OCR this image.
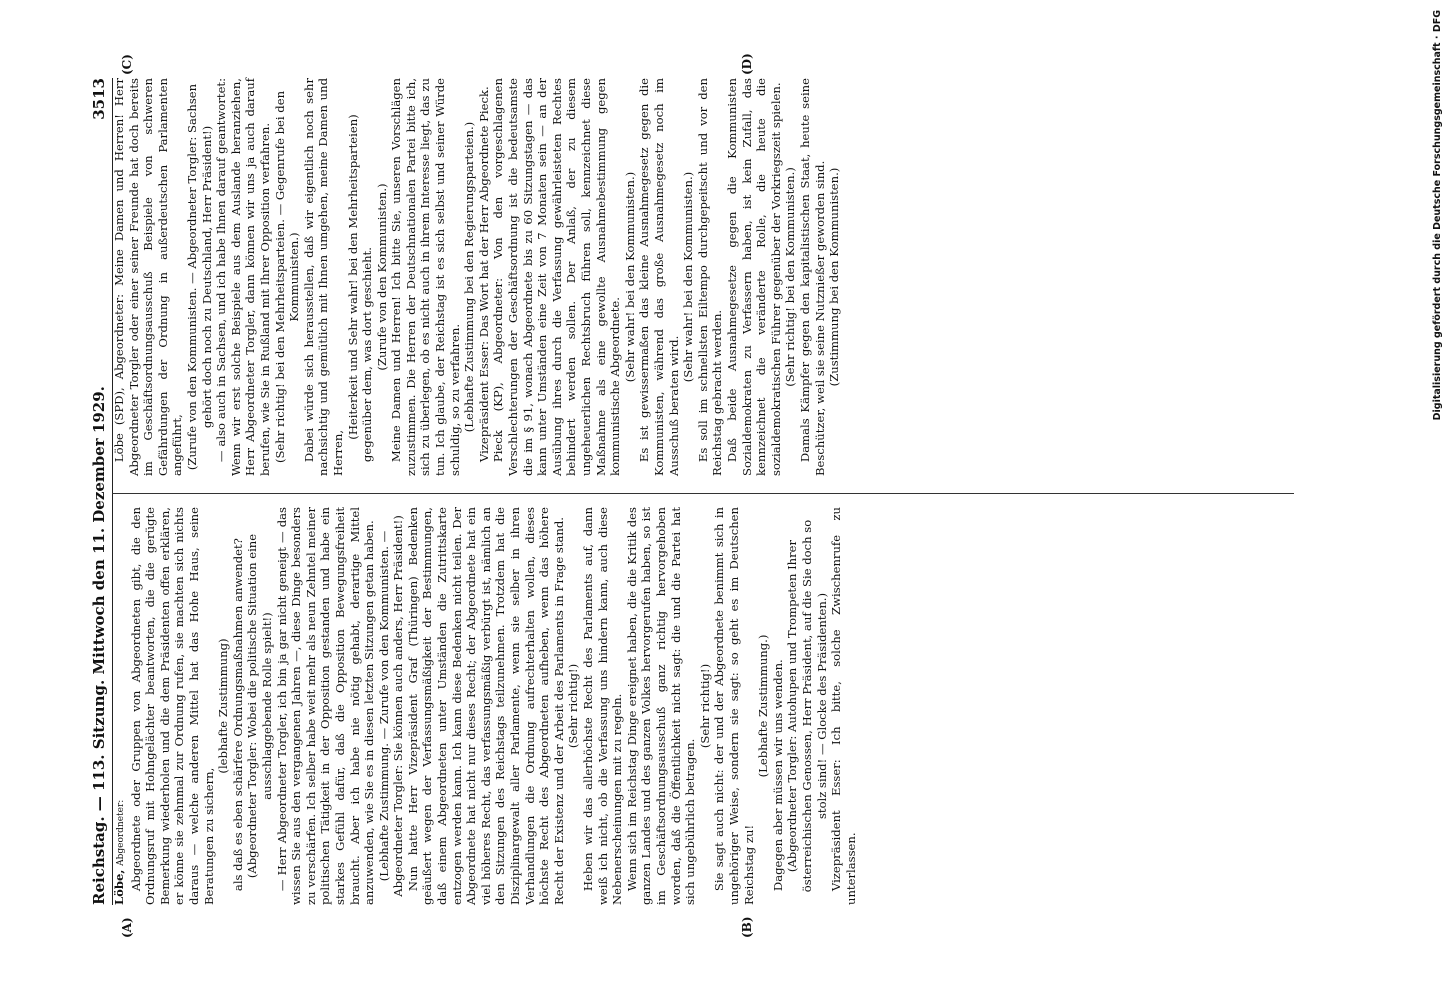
Reichstag. — 113. Sitzung. Mittwoch den 11. Dezember 1929.
3513

Löbe, Abgeordneter: Abgeordnete oder Gruppen von Abgeordneten gibt, die den Ordnungsruf mit Hohngelächter beantworten, die die gerügte Bemerkung wiederholen und die dem Präsidenten offen erklären, er könne sie zehnmal zur Ordnung rufen, sie machten sich nichts daraus — welche anderen Mittel hat das Hohe Haus, seine Beratungen zu sichern,

(lebhafte Zustimmung) als daß es eben schärfere Ordnungsmaßnahmen anwendet? (Abgeordneter Torgler: Wobei die politische Situation eine ausschlaggebende Rolle spielt!) — Herr Abgeordneter Torgler, ich bin ja gar nicht geneigt — das wissen Sie aus den vergangenen Jahren —, diese Dinge besonders zu verschärfen. Ich selber habe weit mehr als neun Zehntel meiner politischen Tätigkeit in der Opposition gestanden und habe ein starkes Gefühl dafür, daß die Opposition Bewegungsfreiheit braucht. Aber ich habe nie nötig gehabt, derartige Mittel anzuwenden, wie Sie es in diesen letzten Sitzungen getan haben. (Lebhafte Zustimmung. — Zurufe von den Kommunisten. — Abgeordneter Torgler: Sie können auch anders, Herr Präsident!) Nun hatte Herr Vizepräsident Graf (Thüringen) Bedenken geäußert wegen der Verfassungsmäßigkeit der Bestimmungen, daß einem Abgeordneten unter Umständen die Zutrittskarte entzogen werden kann. Ich kann diese Bedenken nicht teilen. Der Abgeordnete hat nicht nur dieses Recht; der Abgeordnete hat ein viel höheres Recht, das verfassungsmäßig verbürgt ist, nämlich an den Sitzungen des Reichstags teilzunehmen. Trotzdem hat die Disziplinargewalt aller Parlamente, wenn sie selber in ihren Verhandlungen die Ordnung aufrechterhalten wollen, dieses höchste Recht des Abgeordneten aufheben, wenn das höhere Recht der Existenz und der Arbeit des Parlaments in Frage stand. (Sehr richtig!) Heben wir das allerhöchste Recht des Parlaments auf, dann weiß ich nicht, ob die Verfassung uns hindern kann, auch diese Nebenerscheinungen mit zu regeln. Wenn sich im Reichstag Dinge ereignet haben, die die Kritik des ganzen Landes und des ganzen Volkes hervorgerufen haben, so ist im Geschäftsordnungsausschuß ganz richtig hervorgehoben worden, daß die Öffentlichkeit nicht sagt: die und die Partei hat sich ungebührlich betragen.

(Sehr richtig!) Sie sagt auch nicht: der und der Abgeordnete benimmt sich in ungehöriger Weise, sondern sie sagt: so geht es im Deutschen Reichstag zu!

(Lebhafte Zustimmung.) Dagegen aber müssen wir uns wenden. (Abgeordneter Torgler: Autohupen und Trompeten Ihrer österreichischen Genossen, Herr Präsident, auf die Sie doch so stolz sind! — Glocke des Präsidenten.) Vizepräsident Esser: Ich bitte, solche Zwischenrufe zu unterlassen.

Löbe (SPD), Abgeordneter: Meine Damen und Herren! Herr Abgeordneter Torgler oder einer seiner Freunde hat doch bereits im Geschäftsordnungsausschuß Beispiele von schweren Gefährdungen der Ordnung in außerdeutschen Parlamenten angeführt, (Zurufe von den Kommunisten. — Abgeordneter Torgler: Sachsen gehört doch noch zu Deutschland, Herr Präsident!) — also auch in Sachsen, und ich habe Ihnen darauf geantwortet: Wenn wir erst solche Beispiele aus dem Auslande heranziehen, Herr Abgeordneter Torgler, dann können wir uns ja auch darauf berufen, wie Sie in Rußland mit Ihrer Opposition verfahren. (Sehr richtig! bei den Mehrheitsparteien. — Gegenrufe bei den Kommunisten.) Dabei würde sich herausstellen, daß wir eigentlich noch sehr nachsichtig und gemütlich mit Ihnen umgehen, meine Damen und Herren,

(Heiterkeit und Sehr wahr! bei den Mehrheitsparteien) gegenüber dem, was dort geschieht. (Zurufe von den Kommunisten.) Meine Damen und Herren! Ich bitte Sie, unseren Vorschlägen zuzustimmen. Die Herren der Deutschnationalen Partei bitte ich, sich zu überlegen, ob es nicht auch in ihrem Interesse liegt, das zu tun. Ich glaube, der Reichstag ist es sich selbst und seiner Würde schuldig, so zu verfahren. (Lebhafte Zustimmung bei den Regierungsparteien.) Vizepräsident Esser: Das Wort hat der Herr Abgeordnete Pieck. Pieck (KP), Abgeordneter: Von den vorgeschlagenen Verschlechterungen der Geschäftsordnung ist die bedeutsamste die im § 91, wonach Abgeordnete bis zu 60 Sitzungstagen — das kann unter Umständen eine Zeit von 7 Monaten sein — an der Ausübung ihres durch die Verfassung gewährleisteten Rechtes behindert werden sollen. Der Anlaß, der zu diesem ungeheuerlichen Rechtsbruch führen soll, kennzeichnet diese Maßnahme als eine gewollte Ausnahmebestimmung gegen kommunistische Abgeordnete.

(Sehr wahr! bei den Kommunisten.) Es ist gewissermaßen das kleine Ausnahmegesetz gegen die Kommunisten, während das große Ausnahmegesetz noch im Ausschuß beraten wird.

(Sehr wahr! bei den Kommunisten.) Es soll im schnellsten Eiltempo durchgepeitscht und vor den Reichstag gebracht werden. Daß beide Ausnahmegesetze gegen die Kommunisten Sozialdemokraten zu Verfassern haben, ist kein Zufall, das kennzeichnet die veränderte Rolle, die heute die sozialdemokratischen Führer gegenüber der Vorkriegszeit spielen. (Sehr richtig! bei den Kommunisten.) Damals Kämpfer gegen den kapitalistischen Staat, heute seine Beschützer, weil sie seine Nutznießer geworden sind. (Zustimmung bei den Kommunisten.)

(A)	(B)
(C)	(D)	Digitalisierung gefördert durch die Deutsche Forschungsgemeinschaft · DFG
